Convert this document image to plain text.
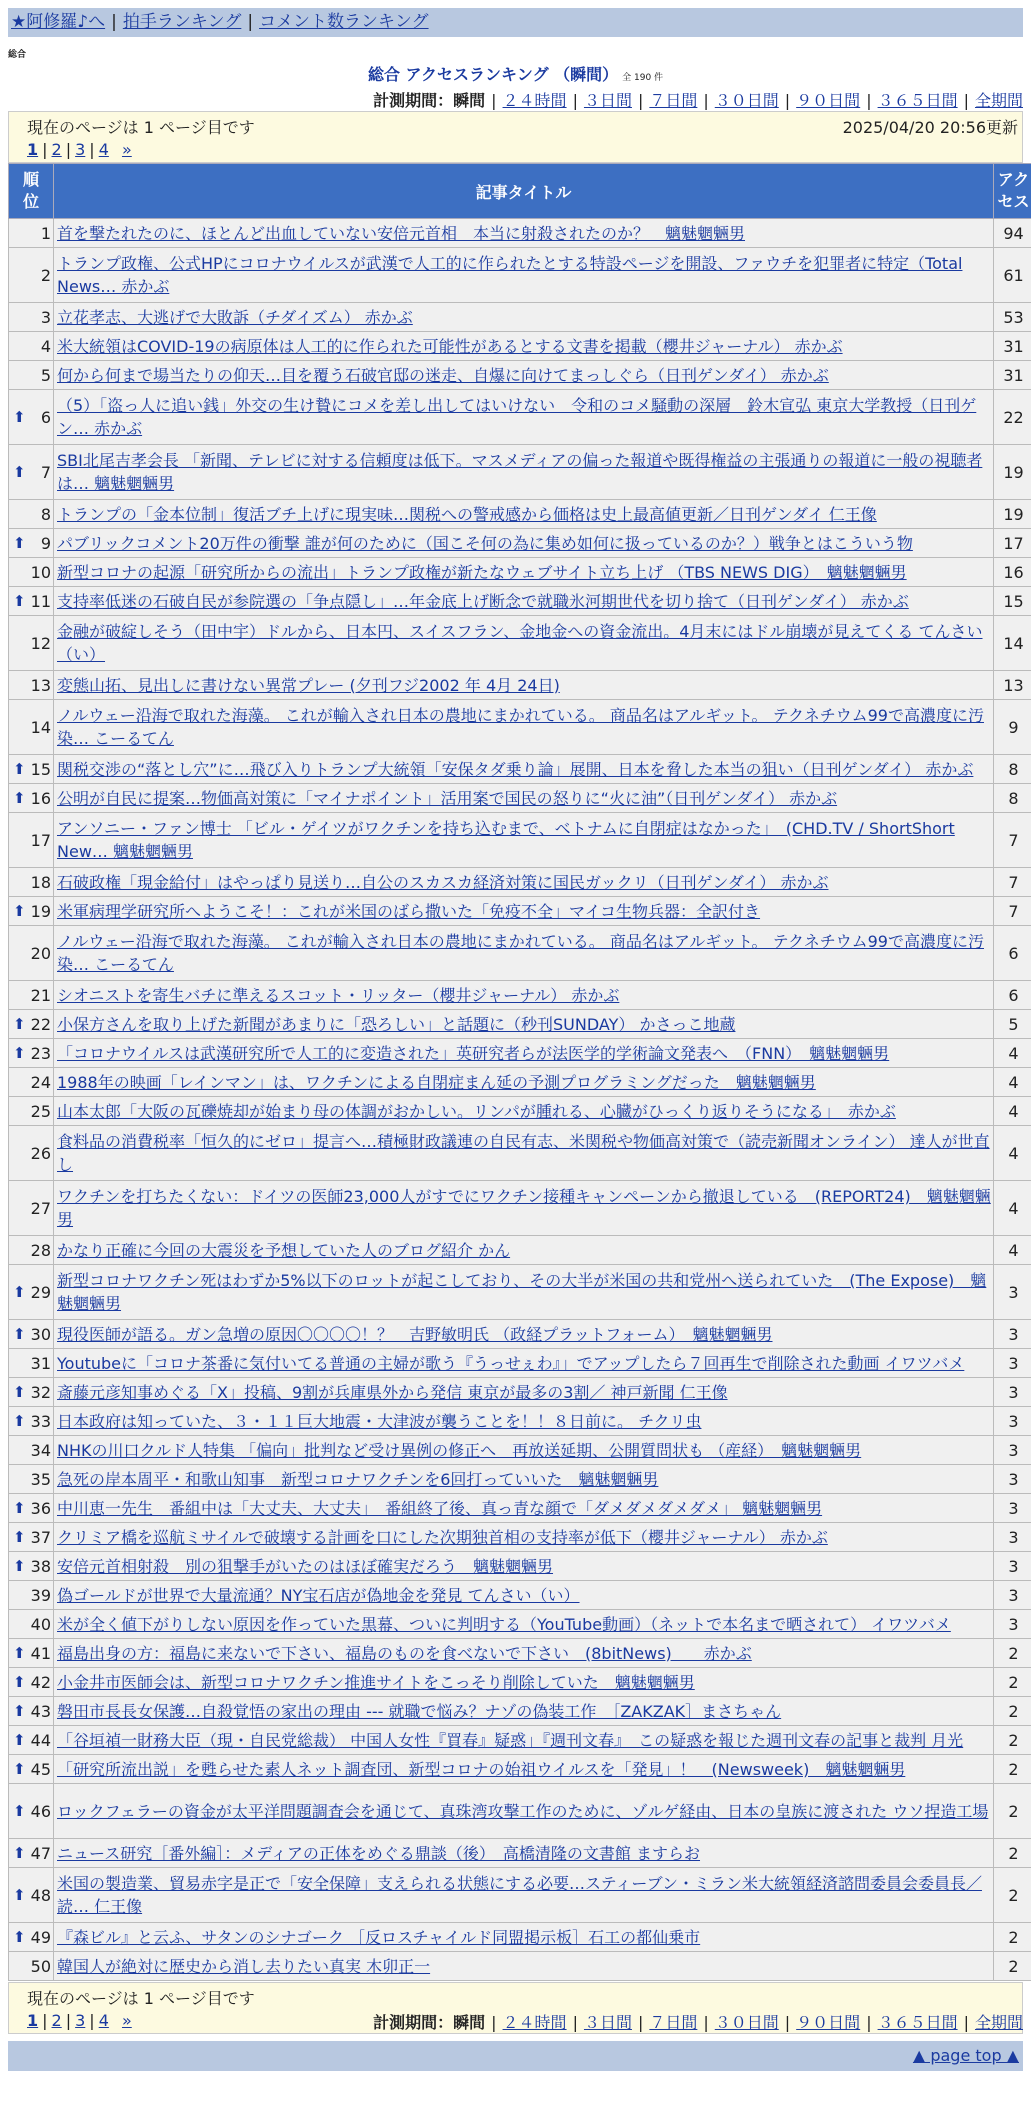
★阿修羅♪へ | 拍手ランキング | コメント数ランキング
総合
総合 アクセスランキング （瞬間） 全 190 件
計測期間：瞬間 | ２４時間 | ３日間 | ７日間 | ３０日間 | ９０日間 | ３６５日間 | 全期間
現在のページは 1 ページ目です	2025/04/20 20:56更新
1 | 2 | 3 | 4 »
順位	記事タイトル	アクセス
1	首を撃たれたのに、ほとんど出血していない安倍元首相　本当に射殺されたのか？　魑魅魍魎男	94
2	トランプ政権、公式HPにコロナウイルスが武漢で人工的に作られたとする特設ページを開設、ファウチを犯罪者に特定（Total News… 赤かぶ	61
3	立花孝志、大逃げで大敗訴（チダイズム） 赤かぶ	53
4	米大統領はCOVID-19の病原体は人工的に作られた可能性があるとする文書を掲載（櫻井ジャーナル） 赤かぶ	31
5	何から何まで場当たりの仰天…目を覆う石破官邸の迷走、自爆に向けてまっしぐら（日刊ゲンダイ） 赤かぶ	31

⬆ 6	（5）「盗っ人に追い銭」外交の生け贄にコメを差し出してはいけない　令和のコメ騒動の深層　鈴木宣弘 東京大学教授（日刊ゲン… 赤かぶ	22

⬆ 7	SBI北尾吉孝会長 「新聞、テレビに対する信頼度は低下。マスメディアの偏った報道や既得権益の主張通りの報道に一般の視聴者は… 魑魅魍魎男	19
8	トランプの「金本位制」復活ブチ上げに現実味…関税への警戒感から価格は史上最高値更新／日刊ゲンダイ 仁王像	19

⬆ 9	パブリックコメント20万件の衝撃 誰が何のために（国こそ何の為に集め如何に扱っているのか？）戦争とはこういう物	17
10	新型コロナの起源「研究所からの流出」トランプ政権が新たなウェブサイト立ち上げ （TBS NEWS DIG）　魑魅魍魎男	16

⬆ 11	支持率低迷の石破自民が参院選の「争点隠し」…年金底上げ断念で就職氷河期世代を切り捨て（日刊ゲンダイ） 赤かぶ	15
12	金融が破綻しそう（田中宇）ドルから、日本円、スイスフラン、金地金への資金流出。4月末にはドル崩壊が見えてくる てんさい（い）	14
13	変態山拓、見出しに書けない異常プレー (夕刊フジ2002 年 4月 24日)	13
14	ノルウェー沿海で取れた海藻。 これが輸入され日本の農地にまかれている。 商品名はアルギット。 テクネチウム99で高濃度に汚染… こーるてん	9

⬆ 15	関税交渉の“落とし穴”に…飛び入りトランプ大統領「安保タダ乗り論」展開、日本を脅した本当の狙い（日刊ゲンダイ） 赤かぶ	8

⬆ 16	公明が自民に提案…物価高対策に「マイナポイント」活用案で国民の怒りに“火に油”（日刊ゲンダイ） 赤かぶ	8
17	アンソニー・ファン博士 「ビル・ゲイツがワクチンを持ち込むまで、ベトナムに自閉症はなかった」　(CHD.TV / ShortShort New… 魑魅魍魎男	7
18	石破政権「現金給付」はやっぱり見送り…自公のスカスカ経済対策に国民ガックリ（日刊ゲンダイ） 赤かぶ	7

⬆ 19	米軍病理学研究所へようこそ！：これが米国のばら撒いた「免疫不全」マイコ生物兵器：全訳付き	7
20	ノルウェー沿海で取れた海藻。 これが輸入され日本の農地にまかれている。 商品名はアルギット。 テクネチウム99で高濃度に汚染… こーるてん	6
21	シオニストを寄生バチに準えるスコット・リッター（櫻井ジャーナル） 赤かぶ	6

⬆ 22	小保方さんを取り上げた新聞があまりに「恐ろしい」と話題に（秒刊SUNDAY） かさっこ地蔵	5

⬆ 23	「コロナウイルスは武漢研究所で人工的に変造された」英研究者らが法医学的学術論文発表へ　（FNN）　魑魅魍魎男	4
24	1988年の映画「レインマン」は、ワクチンによる自閉症まん延の予測プログラミングだった　魑魅魍魎男	4
25	山本太郎「大阪の瓦礫焼却が始まり母の体調がおかしい。リンパが腫れる、心臓がひっくり返りそうになる」　赤かぶ	4
26	食料品の消費税率「恒久的にゼロ」提言へ…積極財政議連の自民有志、米関税や物価高対策で（読売新聞オンライン） 達人が世直し	4
27	ワクチンを打ちたくない：ドイツの医師23,000人がすでにワクチン接種キャンペーンから撤退している　(REPORT24)　魑魅魍魎男	4
28	かなり正確に今回の大震災を予想していた人のブログ紹介 かん	4

⬆ 29	新型コロナワクチン死はわずか5%以下のロットが起こしており、その大半が米国の共和党州へ送られていた　(The Expose)　魑魅魍魎男	3

⬆ 30	現役医師が語る。ガン急増の原因〇〇〇〇！？　吉野敏明氏 （政経プラットフォーム）　魑魅魍魎男	3
31	Youtubeに「コロナ茶番に気付いてる普通の主婦が歌う『うっせぇわ』」でアップしたら７回再生で削除された動画 イワツバメ	3

⬆ 32	斎藤元彦知事めぐる「X」投稿、9割が兵庫県外から発信 東京が最多の3割／ 神戸新聞 仁王像	3

⬆ 33	日本政府は知っていた、３・１１巨大地震・大津波が襲うことを！！８日前に。 チクリ虫	3
34	NHKの川口クルド人特集 「偏向」批判など受け異例の修正へ　再放送延期、公開質問状も （産経）　魑魅魍魎男	3
35	急死の岸本周平・和歌山知事　新型コロナワクチンを6回打っていいた　魑魅魍魎男	3

⬆ 36	中川恵一先生　番組中は「大丈夫、大丈夫」　番組終了後、真っ青な顔で「ダメダメダメダメ」 魑魅魍魎男	3

⬆ 37	クリミア橋を巡航ミサイルで破壊する計画を口にした次期独首相の支持率が低下（櫻井ジャーナル） 赤かぶ	3

⬆ 38	安倍元首相射殺　別の狙撃手がいたのはほぼ確実だろう　魑魅魍魎男	3
39	偽ゴールドが世界で大量流通？NY宝石店が偽地金を発見 てんさい（い）	3
40	米が全く値下がりしない原因を作っていた黒幕、ついに判明する（YouTube動画）（ネットで本名まで晒されて） イワツバメ	3

⬆ 41	福島出身の方：福島に来ないで下さい、福島のものを食べないで下さい　(8bitNews)　　赤かぶ	2

⬆ 42	小金井市医師会は、新型コロナワクチン推進サイトをこっそり削除していた　魑魅魍魎男	2

⬆ 43	磐田市長長女保護…自殺覚悟の家出の理由 --- 就職で悩み？ナゾの偽装工作　［ZAKZAK］まさちゃん	2

⬆ 44	「谷垣禎一財務大臣（現・自民党総裁） 中国人女性『買春』疑惑」『週刊文春』　この疑惑を報じた週刊文春の記事と裁判 月光	2

⬆ 45	「研究所流出説」を甦らせた素人ネット調査団、新型コロナの始祖ウイルスを「発見」！　(Newsweek)　魑魅魍魎男	2

⬆ 46	ロックフェラーの資金が太平洋問題調査会を通じて、真珠湾攻撃工作のために、ゾルゲ経由、日本の皇族に渡された ウソ捏造工場	2

⬆ 47	ニュース研究［番外編］：メディアの正体をめぐる鼎談（後）　高橋清隆の文書館 ますらお	2

⬆ 48	米国の製造業、貿易赤字是正で「安全保障」支えられる状態にする必要…スティーブン・ミラン米大統領経済諮問委員会委員長／ 読… 仁王像	2

⬆ 49	『森ビル』と云ふ、サタンのシナゴーク ［反ロスチャイルド同盟掲示板］石工の都仙乗市	2
50	韓国人が絶対に歴史から消し去りたい真実 木卯正一	2
現在のページは 1 ページ目です
1 | 2 | 3 | 4 »	計測期間：瞬間 | ２４時間 | ３日間 | ７日間 | ３０日間 | ９０日間 | ３６５日間 | 全期間
▲ page top ▲
